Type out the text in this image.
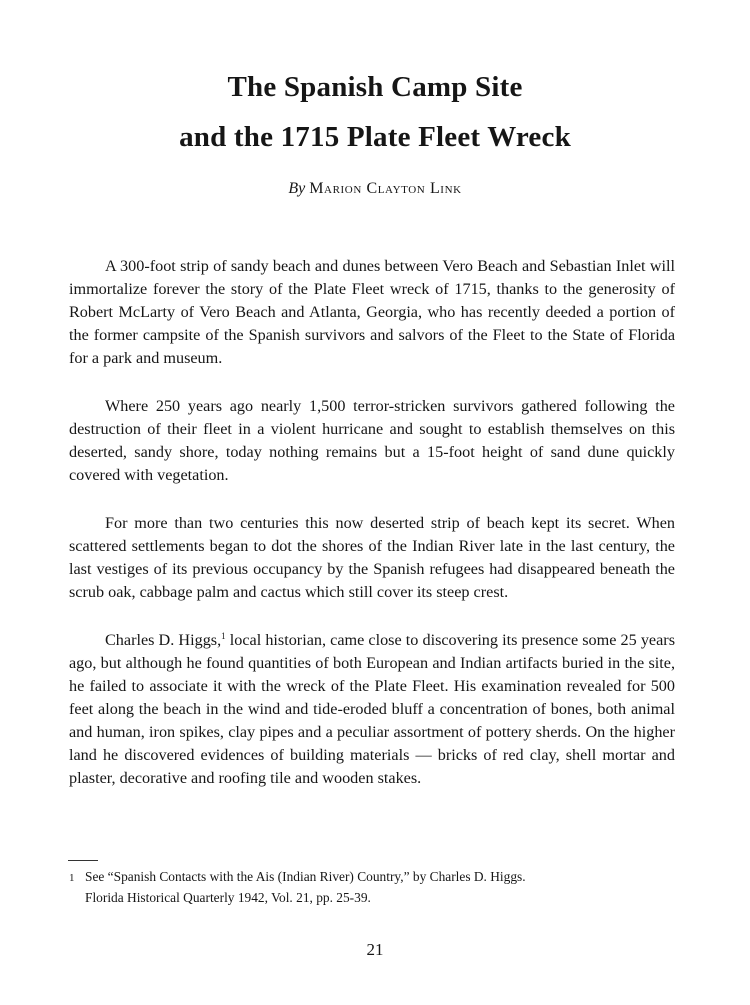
The Spanish Camp Site
and the 1715 Plate Fleet Wreck

By Marion Clayton Link

A 300-foot strip of sandy beach and dunes between Vero Beach and Sebastian Inlet will immortalize forever the story of the Plate Fleet wreck of 1715, thanks to the generosity of Robert McLarty of Vero Beach and Atlanta, Georgia, who has recently deeded a portion of the former campsite of the Spanish survivors and salvors of the Fleet to the State of Florida for a park and museum.

Where 250 years ago nearly 1,500 terror-stricken survivors gathered following the destruction of their fleet in a violent hurricane and sought to establish themselves on this deserted, sandy shore, today nothing remains but a 15-foot height of sand dune quickly covered with vegetation.

For more than two centuries this now deserted strip of beach kept its secret. When scattered settlements began to dot the shores of the Indian River late in the last century, the last vestiges of its previous occupancy by the Spanish refugees had disappeared beneath the scrub oak, cabbage palm and cactus which still cover its steep crest.

Charles D. Higgs,$^1$ local historian, came close to discovering its presence some 25 years ago, but although he found quantities of both European and Indian artifacts buried in the site, he failed to associate it with the wreck of the Plate Fleet. His examination revealed for 500 feet along the beach in the wind and tide-eroded bluff a concentration of bones, both animal and human, iron spikes, clay pipes and a peculiar assortment of pottery sherds. On the higher land he discovered evidences of building materials — bricks of red clay, shell mortar and plaster, decorative and roofing tile and wooden stakes.

1 See “Spanish Contacts with the Ais (Indian River) Country,” by Charles D. Higgs.
Florida Historical Quarterly 1942, Vol. 21, pp. 25-39.

21
